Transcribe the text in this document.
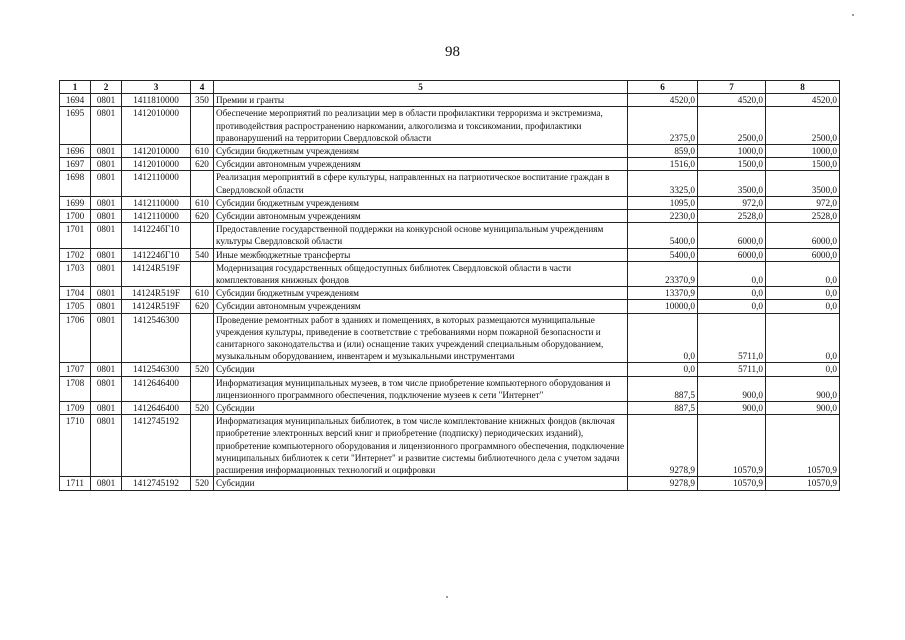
98
1	2	3	4	5	6	7	8
1694	0801	1411810000	350	Премии и гранты	4520,0	4520,0	4520,0
1695	0801	1412010000		Обеспечение мероприятий по реализации мер в области профилактики терроризма и экстремизма, противодействия распространению наркомании, алкоголизма и токсикомании, профилактики правонарушений на территории Свердловской области	2375,0	2500,0	2500,0
1696	0801	1412010000	610	Субсидии бюджетным учреждениям	859,0	1000,0	1000,0
1697	0801	1412010000	620	Субсидии автономным учреждениям	1516,0	1500,0	1500,0
1698	0801	1412110000		Реализация мероприятий в сфере культуры, направленных на патриотическое воспитание граждан в Свердловской области	3325,0	3500,0	3500,0
1699	0801	1412110000	610	Субсидии бюджетным учреждениям	1095,0	972,0	972,0
1700	0801	1412110000	620	Субсидии автономным учреждениям	2230,0	2528,0	2528,0
1701	0801	141224бГ10		Предоставление государственной поддержки на конкурсной основе муниципальным учреждениям культуры Свердловской области	5400,0	6000,0	6000,0
1702	0801	141224бГ10	540	Иные межбюджетные трансферты	5400,0	6000,0	6000,0
1703	0801	14124R519F		Модернизация государственных общедоступных библиотек Свердловской области в части комплектования книжных фондов	23370,9	0,0	0,0
1704	0801	14124R519F	610	Субсидии бюджетным учреждениям	13370,9	0,0	0,0
1705	0801	14124R519F	620	Субсидии автономным учреждениям	10000,0	0,0	0,0
1706	0801	1412546300		Проведение ремонтных работ в зданиях и помещениях, в которых размещаются муниципальные учреждения культуры, приведение в соответствие с требованиями норм пожарной безопасности и санитарного законодательства и (или) оснащение таких учреждений специальным оборудованием, музыкальным оборудованием, инвентарем и музыкальными инструментами	0,0	5711,0	0,0
1707	0801	1412546300	520	Субсидии	0,0	5711,0	0,0
1708	0801	1412646400		Информатизация муниципальных музеев, в том числе приобретение компьютерного оборудования и лицензионного программного обеспечения, подключение музеев к сети "Интернет"	887,5	900,0	900,0
1709	0801	1412646400	520	Субсидии	887,5	900,0	900,0
1710	0801	1412745192		Информатизация муниципальных библиотек, в том числе комплектование книжных фондов (включая приобретение электронных версий книг и приобретение (подписку) периодических изданий), приобретение компьютерного оборудования и лицензионного программного обеспечения, подключение муниципальных библиотек к сети "Интернет" и развитие системы библиотечного дела с учетом задачи расширения информационных технологий и оцифровки	9278,9	10570,9	10570,9
1711	0801	1412745192	520	Субсидии	9278,9	10570,9	10570,9
